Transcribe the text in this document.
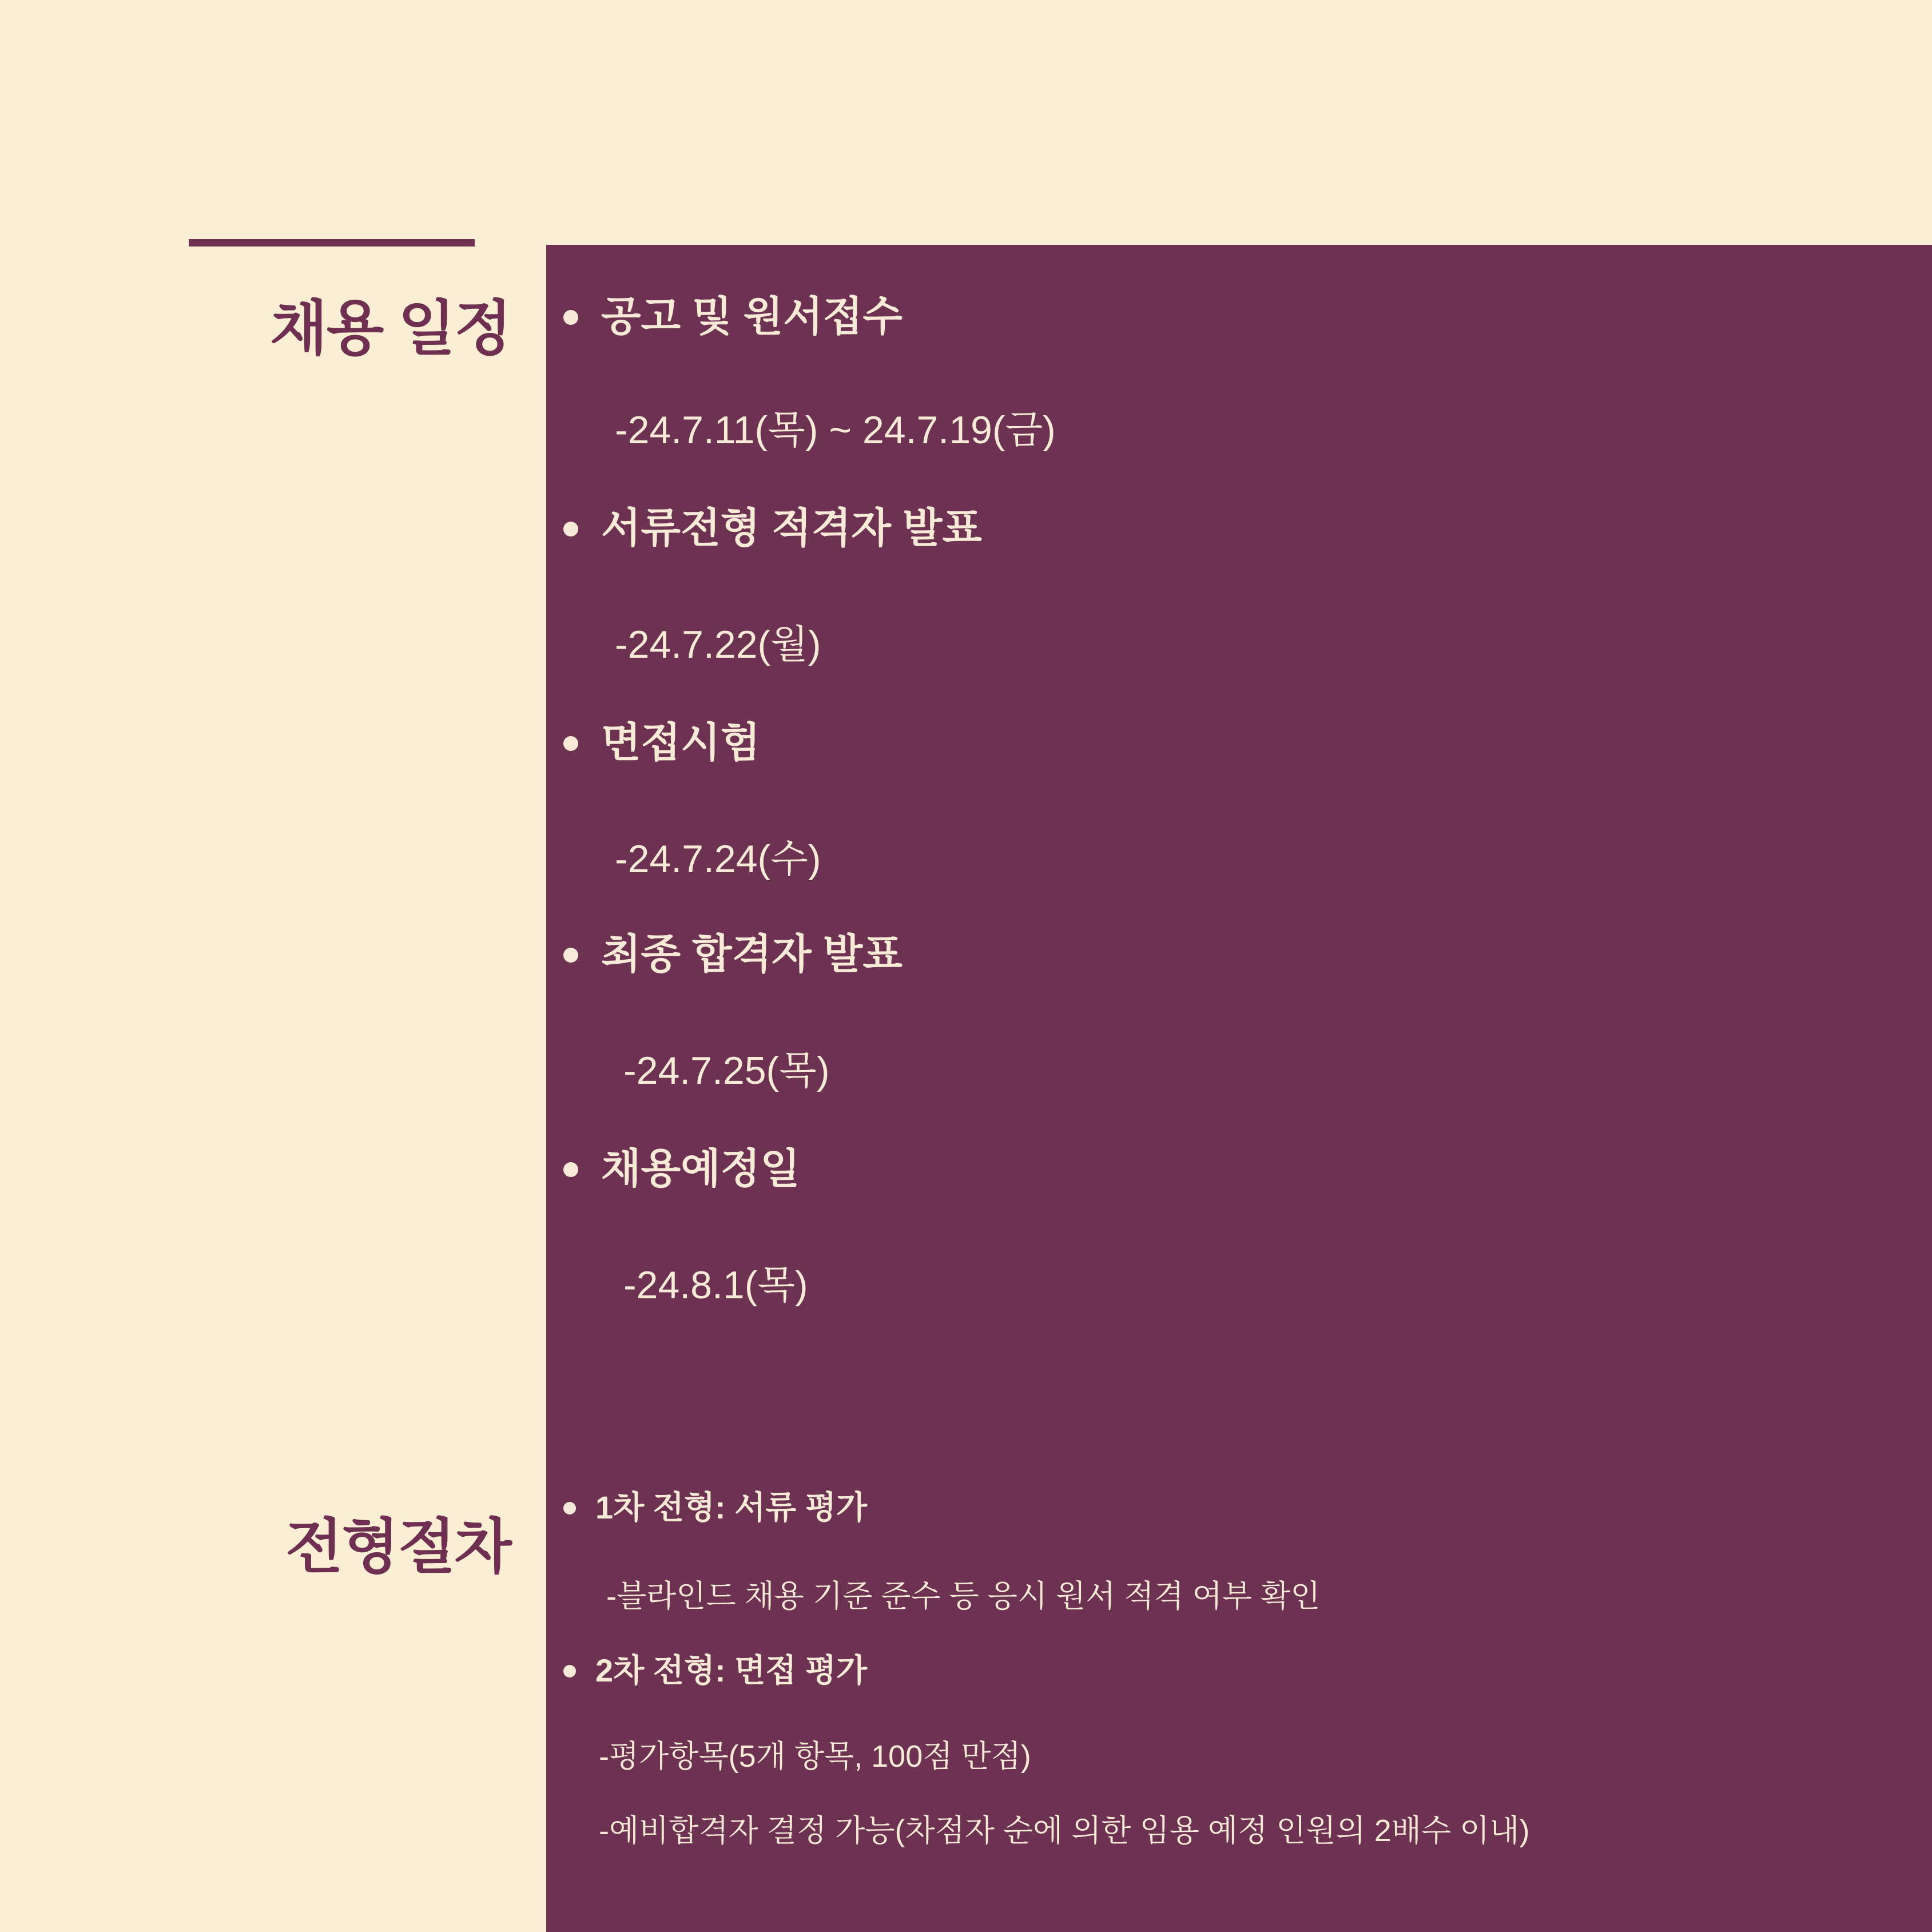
채용 일정
전형절차
공고 및 원서접수
-24.7.11(목) ~ 24.7.19(금)
서류전형 적격자 발표
-24.7.22(월)
면접시험
-24.7.24(수)
최종 합격자 발표
-24.7.25(목)
채용예정일
-24.8.1(목)
1차 전형: 서류 평가
-블라인드 채용 기준 준수 등 응시 원서 적격 여부 확인
2차 전형: 면접 평가
-평가항목(5개 항목, 100점 만점)
-예비합격자 결정 가능(차점자 순에 의한 임용 예정 인원의 2배수 이내)
